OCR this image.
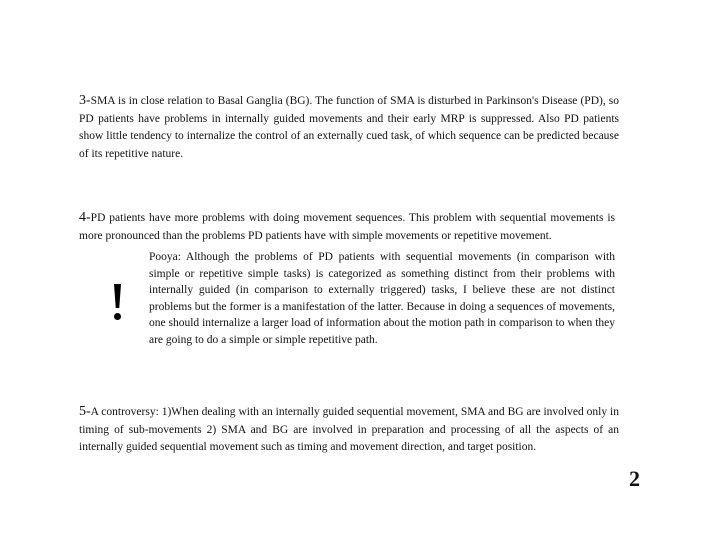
3-SMA is in close relation to Basal Ganglia (BG). The function of SMA is disturbed in Parkinson's Disease (PD), so PD patients have problems in internally guided movements and their early MRP is suppressed. Also PD patients show little tendency to internalize the control of an externally cued task, of which sequence can be predicted because of its repetitive nature.

4-PD patients have more problems with doing movement sequences. This problem with sequential movements is more pronounced than the problems PD patients have with simple movements or repetitive movement.

Pooya: Although the problems of PD patients with sequential movements (in comparison with simple or repetitive simple tasks) is categorized as something distinct from their problems with internally guided (in comparison to externally triggered) tasks, I believe these are not distinct problems but the former is a manifestation of the latter. Because in doing a sequences of movements, one should internalize a larger load of information about the motion path in comparison to when they are going to do a simple or simple repetitive path.

5-A controversy: 1)When dealing with an internally guided sequential movement, SMA and BG are involved only in timing of sub-movements 2) SMA and BG are involved in preparation and processing of all the aspects of an internally guided sequential movement such as timing and movement direction, and target position.

2
